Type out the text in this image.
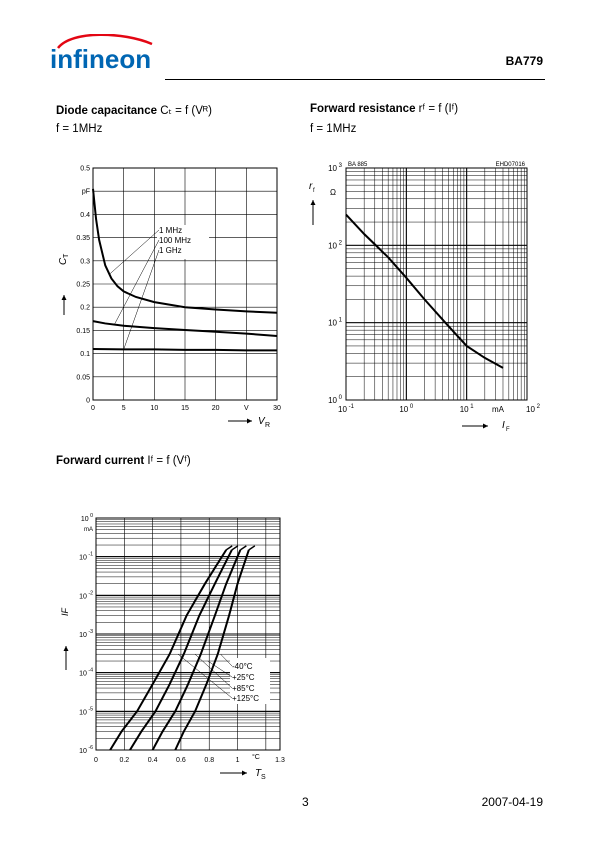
infineon	BA779
Diode capacitance Cₜ = f (Vᴿ)
f = 1MHz
Forward resistance rᶠ = f (Iᶠ)
f = 1MHz
Forward current Iᶠ = f (Vᶠ)
0	5	10	15	20	V	30
0
0.05
0.1
0.15
0.2
0.25
0.3
0.35
0.4
pF
0.5
V R
C
T
1 MHz
100 MHz
1 GHz
10 $^{-1}$	10 $^0$	10 $^1$ mA	10 $^2$
10 $^0$
10 $^1$
10 $^2$
10 $^3$
Ω
BA 885	EHD07016
I F
r f
0	0.2	0.4	0.6	0.8	1 °C 1.3
10 $^{-6}$
10 $^{-5}$
10 $^{-4}$
10 $^{-3}$
10 $^{-2}$
10 $^{-1}$
10 $^0$
mA
T S
IF
-40°C
+25°C
+85°C
+125°C
3	2007-04-19
